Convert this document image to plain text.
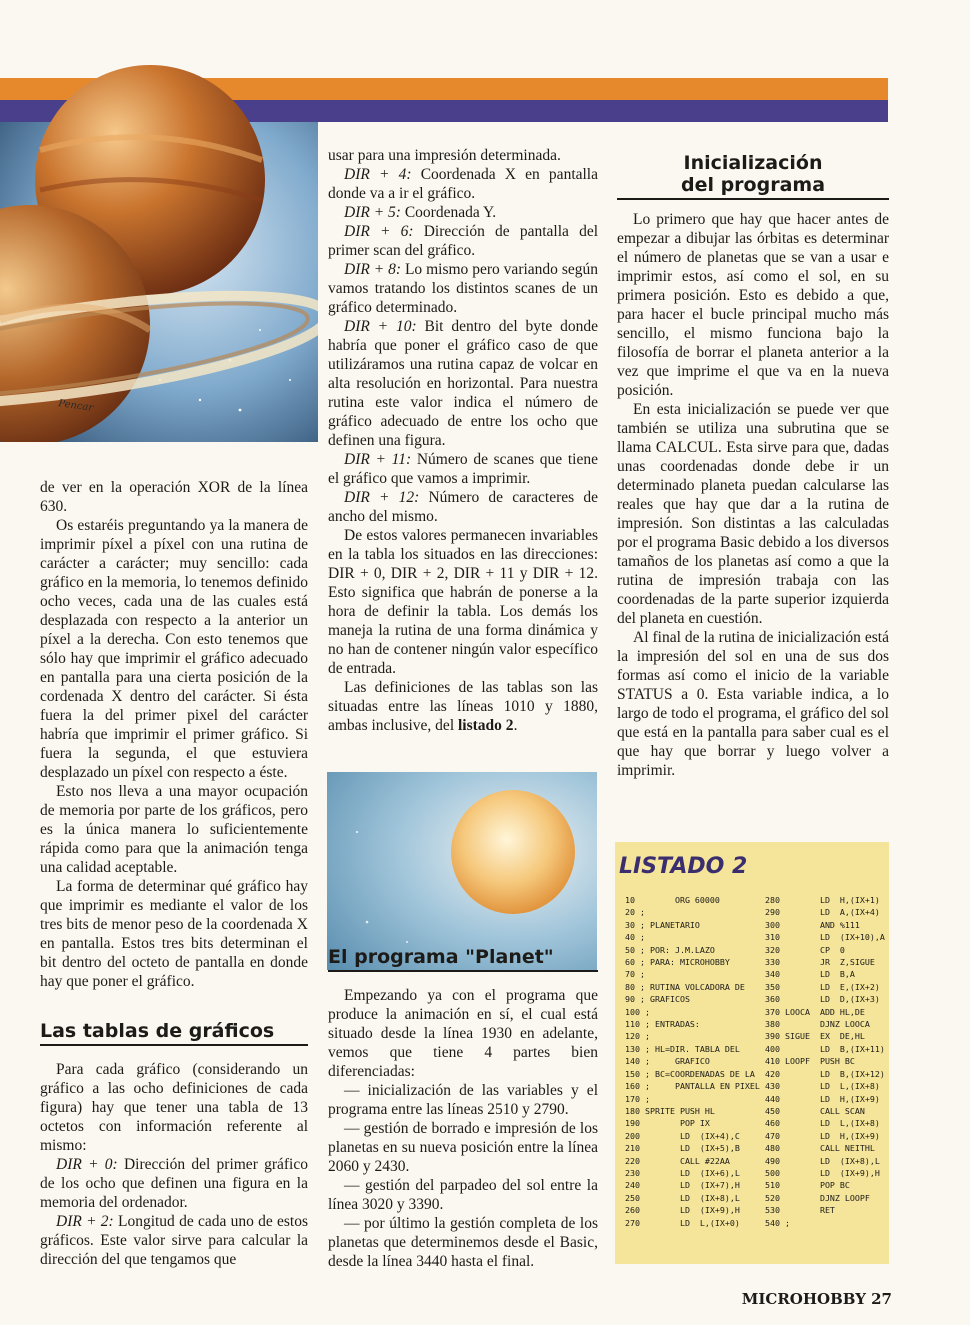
Pencar

de ver en la operación XOR de la línea 630.

Os estaréis preguntando ya la manera de imprimir píxel a píxel con una rutina de carácter a carácter; muy sencillo: cada gráfico en la memoria, lo tenemos definido ocho veces, cada una de las cuales está desplazada con respecto a la anterior un píxel a la derecha. Con esto tenemos que sólo hay que imprimir el gráfico adecuado en pantalla para una cierta posición de la cordenada X dentro del carácter. Si ésta fuera la del primer pixel del carácter habría que imprimir el primer gráfico. Si fuera la segunda, el que estuviera desplazado un píxel con respecto a éste.

Esto nos lleva a una mayor ocupación de memoria por parte de los gráficos, pero es la única manera lo suficientemente rápida como para que la animación tenga una calidad aceptable.

La forma de determinar qué gráfico hay que imprimir es mediante el valor de los tres bits de menor peso de la coordenada X en pantalla. Estos tres bits determinan el bit dentro del octeto de pantalla en donde hay que poner el gráfico.

Las tablas de gráficos

Para cada gráfico (considerando un gráfico a las ocho definiciones de cada figura) hay que tener una tabla de 13 octetos con información referente al mismo:

DIR + 0: Dirección del primer gráfico de los ocho que definen una figura en la memoria del ordenador.

DIR + 2: Longitud de cada uno de estos gráficos. Este valor sirve para calcular la dirección del que tengamos que

usar para una impresión determinada.

DIR + 4: Coordenada X en pantalla donde va a ir el gráfico.

DIR + 5: Coordenada Y.

DIR + 6: Dirección de pantalla del primer scan del gráfico.

DIR + 8: Lo mismo pero variando según vamos tratando los distintos scanes de un gráfico determinado.

DIR + 10: Bit dentro del byte donde habría que poner el gráfico caso de que utilizáramos una rutina capaz de volcar en alta resolución en horizontal. Para nuestra rutina este valor indica el número de gráfico adecuado de entre los ocho que definen una figura.

DIR + 11: Número de scanes que tiene el gráfico que vamos a imprimir.

DIR + 12: Número de caracteres de ancho del mismo.

De estos valores permanecen invariables en la tabla los situados en las direcciones: DIR + 0, DIR + 2, DIR + 11 y DIR + 12. Esto significa que habrán de ponerse a la hora de definir la tabla. Los demás los maneja la rutina de una forma dinámica y no han de contener ningún valor específico de entrada.

Las definiciones de las tablas son las situadas entre las líneas 1010 y 1880, ambas inclusive, del listado 2.

El programa "Planet"

Empezando ya con el programa que produce la animación en sí, el cual está situado desde la línea 1930 en adelante, vemos que tiene 4 partes bien diferenciadas:

— inicialización de las variables y el programa entre las líneas 2510 y 2790.

— gestión de borrado e impresión de los planetas en su nueva posición entre la línea 2060 y 2430.

— gestión del parpadeo del sol entre la línea 3020 y 3390.

— por último la gestión completa de los planetas que determinemos desde el Basic, desde la línea 3440 hasta el final.

Inicialización
del programa

Lo primero que hay que hacer antes de empezar a dibujar las órbitas es determinar el número de planetas que se van a usar e imprimir estos, así como el sol, en su primera posición. Esto es debido a que, para hacer el bucle principal mucho más sencillo, el mismo funciona bajo la filosofía de borrar el planeta anterior a la vez que imprime el que va en la nueva posición.

En esta inicialización se puede ver que también se utiliza una subrutina que se llama CALCUL. Esta sirve para que, dadas unas coordenadas donde debe ir un determinado planeta puedan calcularse las reales que hay que dar a la rutina de impresión. Son distintas a las calculadas por el programa Basic debido a los diversos tamaños de los planetas así como a que la rutina de impresión trabaja con las coordenadas de la parte superior izquierda del planeta en cuestión.

Al final de la rutina de inicialización está la impresión del sol en una de sus dos formas así como el inicio de la variable STATUS a 0. Esta variable indica, a lo largo de todo el programa, el gráfico del sol que está en la pantalla para saber cual es el que hay que borrar y luego volver a imprimir.

LISTADO 2
10        ORG 60000
20 ;
30 ; PLANETARIO
40 ;
50 ; POR: J.M.LAZO
60 ; PARA: MICROHOBBY
70 ;
80 ; RUTINA VOLCADORA DE
90 ; GRAFICOS
100 ;
110 ; ENTRADAS:
120 ;
130 ; HL=DIR. TABLA DEL
140 ;     GRAFICO
150 ; BC=COORDENADAS DE LA
160 ;     PANTALLA EN PIXEL
170 ;
180 SPRITE PUSH HL
190        POP IX
200        LD  (IX+4),C
210        LD  (IX+5),B
220        CALL #22AA
230        LD  (IX+6),L
240        LD  (IX+7),H
250        LD  (IX+8),L
260        LD  (IX+9),H
270        LD  L,(IX+0)
280        LD  H,(IX+1)
290        LD  A,(IX+4)
300        AND %111
310        LD  (IX+10),A
320        CP  0
330        JR  Z,SIGUE
340        LD  B,A
350        LD  E,(IX+2)
360        LD  D,(IX+3)
370 LOOCA  ADD HL,DE
380        DJNZ LOOCA
390 SIGUE  EX  DE,HL
400        LD  B,(IX+11)
410 LOOPF  PUSH BC
420        LD  B,(IX+12)
430        LD  L,(IX+8)
440        LD  H,(IX+9)
450        CALL SCAN
460        LD  L,(IX+8)
470        LD  H,(IX+9)
480        CALL NEITHL
490        LD  (IX+8),L
500        LD  (IX+9),H
510        POP BC
520        DJNZ LOOPF
530        RET
540 ;
MICROHOBBY 27
